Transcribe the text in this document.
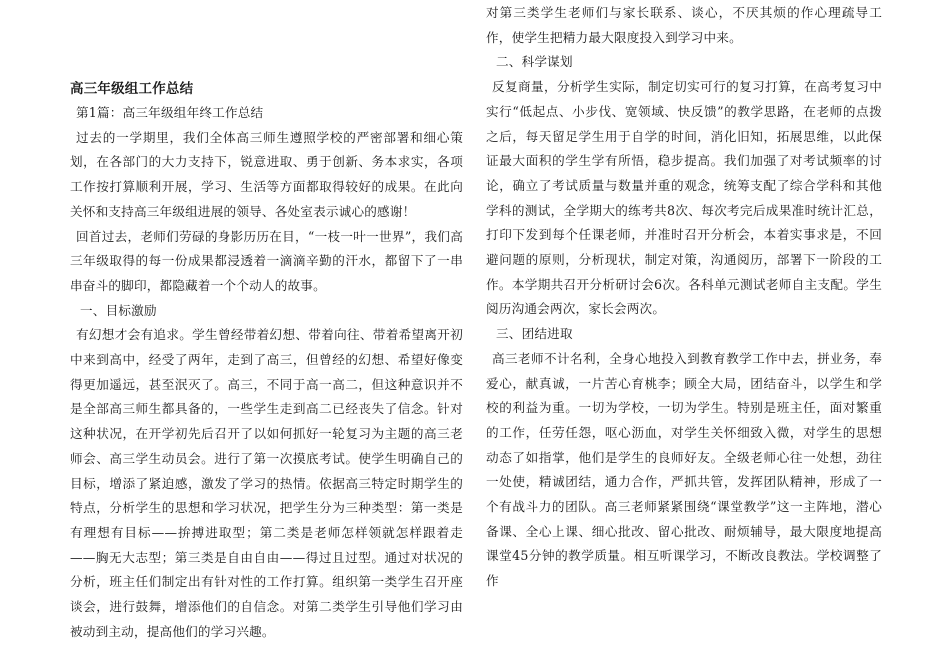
高三年级组工作总结

第1篇：高三年级组年终工作总结

过去的一学期里，我们全体高三师生遵照学校的严密部署和细心策划，在各部门的大力支持下，锐意进取、勇于创新、务本求实，各项工作按打算顺利开展，学习、生活等方面都取得较好的成果。在此向关怀和支持高三年级组进展的领导、各处室表示诚心的感谢！

回首过去，老师们劳碌的身影历历在目，“一枝一叶一世界”，我们高三年级取得的每一份成果都浸透着一滴滴辛勤的汗水，都留下了一串串奋斗的脚印，都隐藏着一个个动人的故事。

一、目标激励

有幻想才会有追求。学生曾经带着幻想、带着向往、带着希望离开初中来到高中，经受了两年，走到了高三，但曾经的幻想、希望好像变得更加遥远，甚至泯灭了。高三，不同于高一高二，但这种意识并不是全部高三师生都具备的，一些学生走到高二已经丧失了信念。针对这种状况，在开学初先后召开了以如何抓好一轮复习为主题的高三老师会、高三学生动员会。进行了第一次摸底考试。使学生明确自己的目标，增添了紧迫感，激发了学习的热情。依据高三特定时期学生的特点，分析学生的思想和学习状况，把学生分为三种类型：第一类是有理想有目标——拚搏进取型；第二类是老师怎样领就怎样跟着走——胸无大志型；第三类是自由自由——得过且过型。通过对状况的分析，班主任们制定出有针对性的工作打算。组织第一类学生召开座谈会，进行鼓舞，增添他们的自信念。对第二类学生引导他们学习由被动到主动，提高他们的学习兴趣。

对第三类学生老师们与家长联系、谈心，不厌其烦的作心理疏导工作，使学生把精力最大限度投入到学习中来。

二、科学谋划

反复商量，分析学生实际，制定切实可行的复习打算，在高考复习中实行“低起点、小步伐、宽领域、快反馈”的教学思路，在老师的点拨之后，每天留足学生用于自学的时间，消化旧知，拓展思维，以此保证最大面积的学生学有所悟，稳步提高。我们加强了对考试频率的讨论，确立了考试质量与数量并重的观念，统筹支配了综合学科和其他学科的测试，全学期大的练考共8次、每次考完后成果准时统计汇总，打印下发到每个任课老师，并准时召开分析会，本着实事求是，不回避问题的原则，分析现状，制定对策，沟通阅历，部署下一阶段的工作。本学期共召开分析研讨会6次。各科单元测试老师自主支配。学生阅历沟通会两次，家长会两次。

三、团结进取

高三老师不计名利，全身心地投入到教育教学工作中去，拼业务，奉爱心，献真诚，一片苦心育桃李；顾全大局，团结奋斗，以学生和学校的利益为重。一切为学校，一切为学生。特别是班主任，面对繁重的工作，任劳任怨，呕心沥血，对学生关怀细致入微，对学生的思想动态了如指掌，他们是学生的良师好友。全级老师心往一处想，劲往一处使，精诚团结，通力合作，严抓共管，发挥团队精神，形成了一个有战斗力的团队。高三老师紧紧围绕“课堂教学”这一主阵地，潜心备课、全心上课、细心批改、留心批改、耐烦辅导，最大限度地提高课堂45分钟的教学质量。相互听课学习，不断改良教法。学校调整了作
